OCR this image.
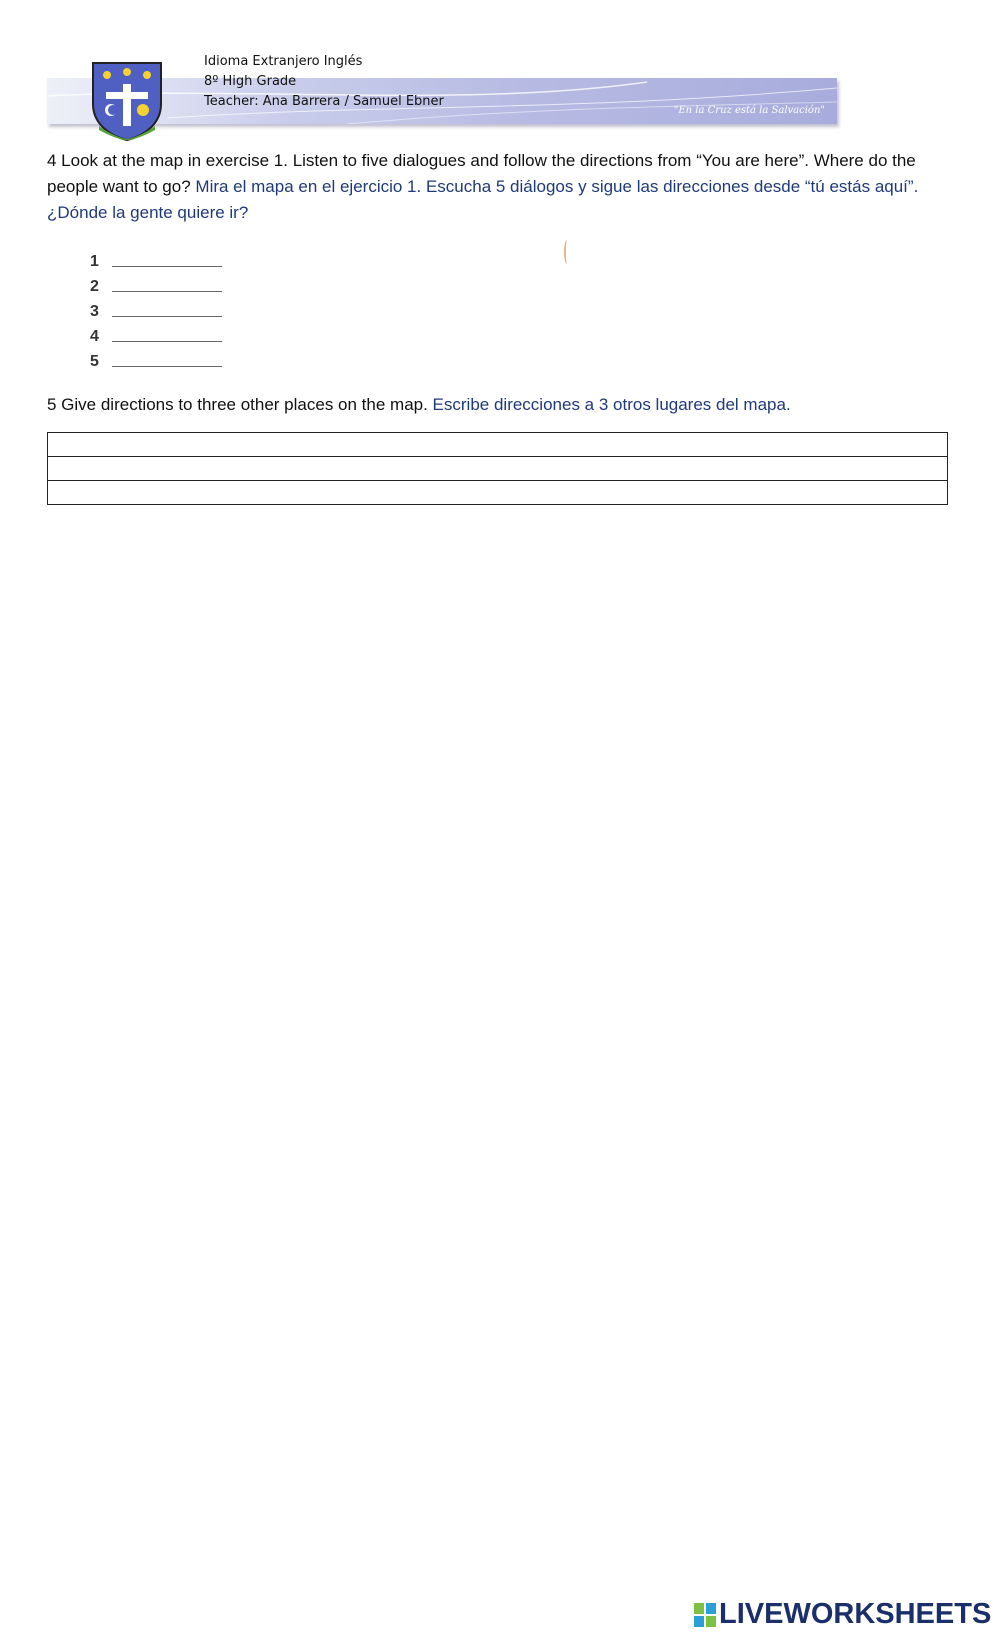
"En la Cruz está la Salvación"
Idioma Extranjero Inglés
8º High Grade
Teacher: Ana Barrera / Samuel Ebner
4 Look at the map in exercise 1. Listen to five dialogues and follow the directions from “You are here”. Where do the people want to go? Mira el mapa en el ejercicio 1. Escucha 5 diálogos y sigue las direcciones desde “tú estás aquí”. ¿Dónde la gente quiere ir?
1
2
3
4
5
5 Give directions to three other places on the map. Escribe direcciones a 3 otros lugares del mapa.
LIVEWORKSHEETS
